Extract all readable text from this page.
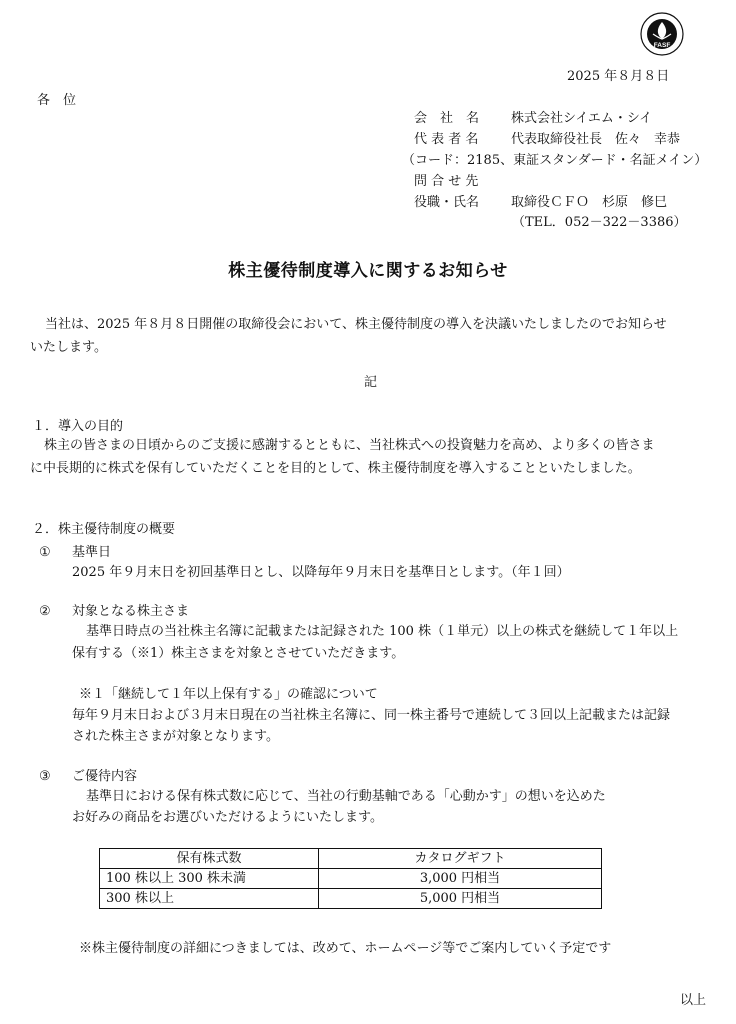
FASF
2025 年８月８日
各　位
会　社　名 株式会社シイエム・シイ
代 表 者 名	代表取締役社長　佐々　幸恭
（コード：2185、東証スタンダード・名証メイン）
問 合 せ 先
役職・氏名 取締役ＣＦＯ　杉原　修巳
（TEL．052－322－3386）
株主優待制度導入に関するお知らせ
当社は、2025 年８月８日開催の取締役会において、株主優待制度の導入を決議いたしましたのでお知らせ
いたします。
記
１．導入の目的
株主の皆さまの日頃からのご支援に感謝するとともに、当社株式への投資魅力を高め、より多くの皆さま
に中長期的に株式を保有していただくことを目的として、株主優待制度を導入することといたしました。
２．株主優待制度の概要
① 基準日
2025 年９月末日を初回基準日とし、以降毎年９月末日を基準日とします。（年１回）
② 対象となる株主さま
基準日時点の当社株主名簿に記載または記録された 100 株（１単元）以上の株式を継続して１年以上
保有する（※1）株主さまを対象とさせていただきます。
※１「継続して１年以上保有する」の確認について
毎年９月末日および３月末日現在の当社株主名簿に、同一株主番号で連続して３回以上記載または記録
された株主さまが対象となります。
③ ご優待内容
基準日における保有株式数に応じて、当社の行動基軸である「心動かす」の想いを込めた
お好みの商品をお選びいただけるようにいたします。
保有株式数	カタログギフト
100 株以上 300 株未満	3,000 円相当
300 株以上	5,000 円相当
※株主優待制度の詳細につきましては、改めて、ホームページ等でご案内していく予定です
以上
